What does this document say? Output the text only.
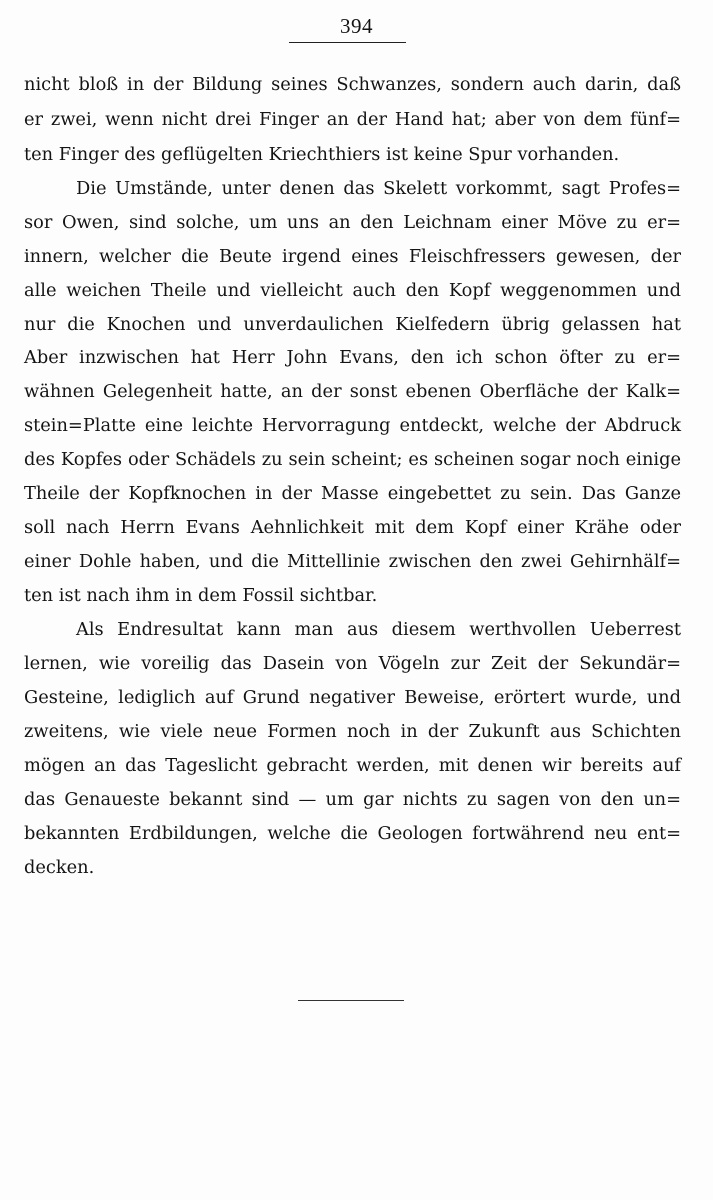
394
nicht bloß in der Bildung seines Schwanzes, sondern auch darin, daß
er zwei, wenn nicht drei Finger an der Hand hat; aber von dem fünf=
ten Finger des geflügelten Kriechthiers ist keine Spur vorhanden.
Die Umstände, unter denen das Skelett vorkommt, sagt Profes=
sor Owen, sind solche, um uns an den Leichnam einer Möve zu er=
innern, welcher die Beute irgend eines Fleischfressers gewesen, der
alle weichen Theile und vielleicht auch den Kopf weggenommen und
nur die Knochen und unverdaulichen Kielfedern übrig gelassen hat
Aber inzwischen hat Herr John Evans, den ich schon öfter zu er=
wähnen Gelegenheit hatte, an der sonst ebenen Oberfläche der Kalk=
stein=Platte eine leichte Hervorragung entdeckt, welche der Abdruck
des Kopfes oder Schädels zu sein scheint; es scheinen sogar noch einige
Theile der Kopfknochen in der Masse eingebettet zu sein. Das Ganze
soll nach Herrn Evans Aehnlichkeit mit dem Kopf einer Krähe oder
einer Dohle haben, und die Mittellinie zwischen den zwei Gehirnhälf=
ten ist nach ihm in dem Fossil sichtbar.
Als Endresultat kann man aus diesem werthvollen Ueberrest
lernen, wie voreilig das Dasein von Vögeln zur Zeit der Sekundär=
Gesteine, lediglich auf Grund negativer Beweise, erörtert wurde, und
zweitens, wie viele neue Formen noch in der Zukunft aus Schichten
mögen an das Tageslicht gebracht werden, mit denen wir bereits auf
das Genaueste bekannt sind — um gar nichts zu sagen von den un=
bekannten Erdbildungen, welche die Geologen fortwährend neu ent=
decken.
